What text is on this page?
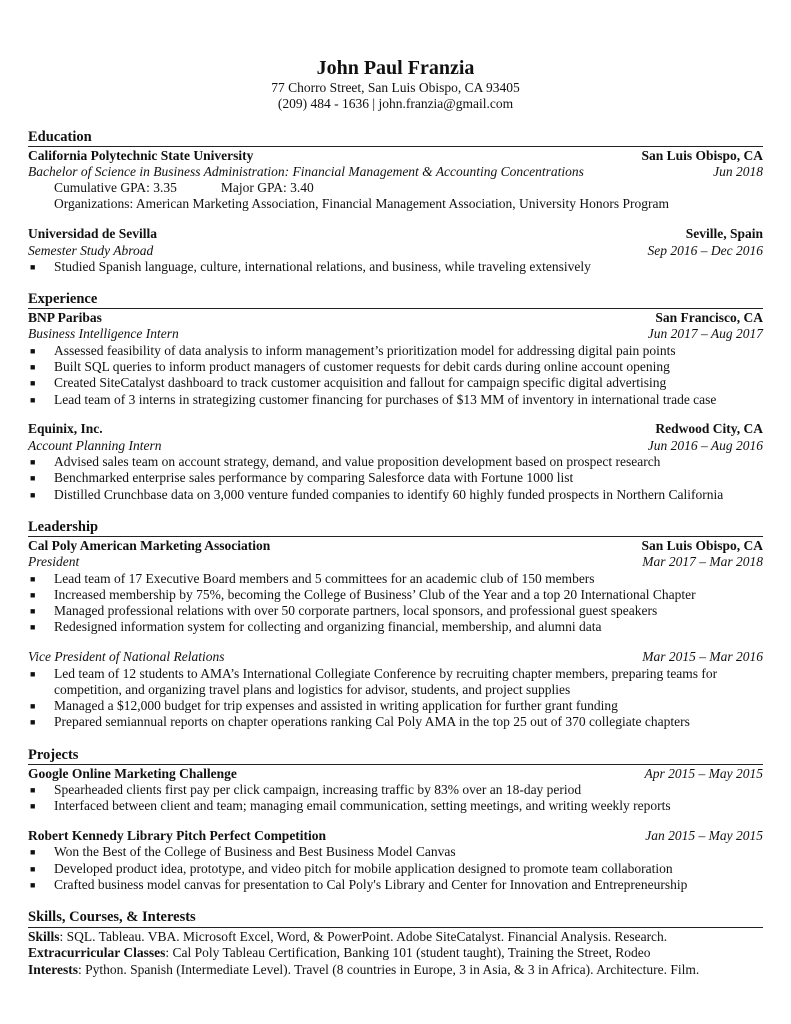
John Paul Franzia
77 Chorro Street, San Luis Obispo, CA 93405
(209) 484 - 1636 | john.franzia@gmail.com
Education
California Polytechnic State University	San Luis Obispo, CA
Bachelor of Science in Business Administration: Financial Management & Accounting Concentrations	Jun 2018
Cumulative GPA: 3.35	Major GPA: 3.40
Organizations: American Marketing Association, Financial Management Association, University Honors Program
Universidad de Sevilla	Seville, Spain
Semester Study Abroad	Sep 2016 – Dec 2016
■ Studied Spanish language, culture, international relations, and business, while traveling extensively
Experience
BNP Paribas	San Francisco, CA
Business Intelligence Intern	Jun 2017 – Aug 2017
■ Assessed feasibility of data analysis to inform management’s prioritization model for addressing digital pain points
■ Built SQL queries to inform product managers of customer requests for debit cards during online account opening
■ Created SiteCatalyst dashboard to track customer acquisition and fallout for campaign specific digital advertising
■ Lead team of 3 interns in strategizing customer financing for purchases of $13 MM of inventory in international trade case
Equinix, Inc.	Redwood City, CA
Account Planning Intern	Jun 2016 – Aug 2016
■ Advised sales team on account strategy, demand, and value proposition development based on prospect research
■ Benchmarked enterprise sales performance by comparing Salesforce data with Fortune 1000 list
■ Distilled Crunchbase data on 3,000 venture funded companies to identify 60 highly funded prospects in Northern California
Leadership
Cal Poly American Marketing Association	San Luis Obispo, CA
President	Mar 2017 – Mar 2018
■ Lead team of 17 Executive Board members and 5 committees for an academic club of 150 members
■ Increased membership by 75%, becoming the College of Business’ Club of the Year and a top 20 International Chapter
■ Managed professional relations with over 50 corporate partners, local sponsors, and professional guest speakers
■ Redesigned information system for collecting and organizing financial, membership, and alumni data
Vice President of National Relations	Mar 2015 – Mar 2016
■ Led team of 12 students to AMA’s International Collegiate Conference by recruiting chapter members, preparing teams for competition, and organizing travel plans and logistics for advisor, students, and project supplies
■ Managed a $12,000 budget for trip expenses and assisted in writing application for further grant funding
■ Prepared semiannual reports on chapter operations ranking Cal Poly AMA in the top 25 out of 370 collegiate chapters
Projects
Google Online Marketing Challenge	Apr 2015 – May 2015
■ Spearheaded clients first pay per click campaign, increasing traffic by 83% over an 18-day period
■ Interfaced between client and team; managing email communication, setting meetings, and writing weekly reports
Robert Kennedy Library Pitch Perfect Competition	Jan 2015 – May 2015
■ Won the Best of the College of Business and Best Business Model Canvas
■ Developed product idea, prototype, and video pitch for mobile application designed to promote team collaboration
■ Crafted business model canvas for presentation to Cal Poly's Library and Center for Innovation and Entrepreneurship
Skills, Courses, & Interests
Skills: SQL. Tableau. VBA. Microsoft Excel, Word, & PowerPoint. Adobe SiteCatalyst. Financial Analysis. Research.
Extracurricular Classes: Cal Poly Tableau Certification, Banking 101 (student taught), Training the Street, Rodeo
Interests: Python. Spanish (Intermediate Level). Travel (8 countries in Europe, 3 in Asia, & 3 in Africa). Architecture. Film.
